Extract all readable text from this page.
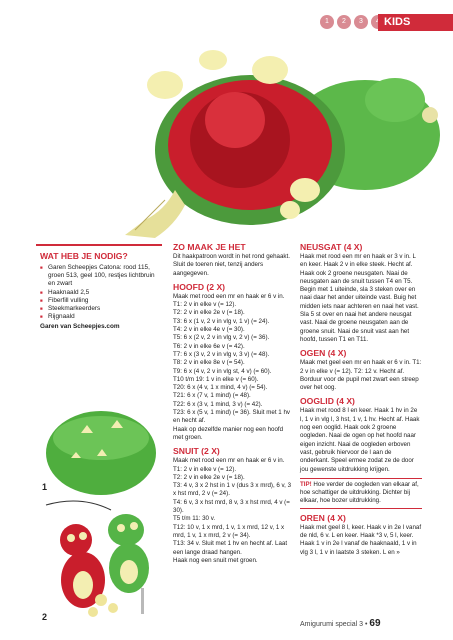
1	2	3	KIDS
1
2
WAT HEB JE NODIG?
■ Garen Scheepjes Catona: rood 115, groen 513, geel 100, restjes lichtbruin en zwart
■ Haaknaald 2,5
■ Fiberfill vulling
■ Steekmarkeerders
■ Rijgnaald
Garen van Scheepjes.com
ZO MAAK JE HET

Dit haakpatroon wordt in het rond gehaakt. Sluit de toeren niet, tenzij anders aangegeven.

HOOFD (2 X)

Maak met rood een mr en haak er 6 v in.

T1: 2 v in elke v (= 12).

T2: 2 v in elke 2e v (= 18).

T3: 6 x (1 v, 2 v in vlg v, 1 v) (= 24).

T4: 2 v in elke 4e v (= 30).

T5: 6 x (2 v, 2 v in vlg v, 2 v) (= 36).

T6: 2 v in elke 6e v (= 42).

T7: 6 x (3 v, 2 v in vlg v, 3 v) (= 48).

T8: 2 v in elke 8e v (= 54).

T9: 6 x (4 v, 2 v in vlg st, 4 v) (= 60).

T10 t/m 19: 1 v in elke v (= 60).

T20: 6 x (4 v, 1 x mind, 4 v) (= 54).

T21: 6 x (7 v, 1 mind) (= 48).

T22: 6 x (3 v, 1 mind, 3 v) (= 42).

T23: 6 x (5 v, 1 mind) (= 36). Sluit met 1 hv en hecht af.

Haak op dezelfde manier nog een hoofd met groen.

SNUIT (2 X)

Maak met rood een mr en haak er 6 v in.

T1: 2 v in elke v (= 12).

T2: 2 v in elke 2e v (= 18).

T3: 4 v, 3 x 2 hst in 1 v (dus 3 x mrd), 6 v, 3 x hst mrd, 2 v (= 24).

T4: 6 v, 3 x hst mrd, 8 v, 3 x hst mrd, 4 v (= 30).

T5 t/m 11: 30 v.

T12: 10 v, 1 x mrd, 1 v, 1 x mrd, 12 v, 1 x mrd, 1 v, 1 x mrd, 2 v (= 34).

T13: 34 v. Sluit met 1 hv en hecht af. Laat een lange draad hangen.

Haak nog een snuit met groen.

NEUSGAT (4 X)

Haak met rood een mr en haak er 3 v in. L en keer. Haak 2 v in elke steek. Hecht af. Haak ook 2 groene neusgaten. Naai de neusgaten aan de snuit tussen T4 en T5. Begin met 1 uiteinde, sla 3 steken over en naai daar het ander uiteinde vast. Buig het midden iets naar achteren en naai het vast. Sla 5 st over en naai het andere neusgat vast. Naai de groene neusgaten aan de groene snuit. Naai de snuit vast aan het hoofd, tussen T1 en T11.

OGEN (4 X)

Maak met geel een mr en haak er 6 v in. T1: 2 v in elke v (= 12). T2: 12 v. Hecht af. Borduur voor de pupil met zwart een streep over het oog.

OOGLID (4 X)

Haak met rood 8 l en keer. Haak 1 hv in 2e l, 1 v in vlg l, 3 hst, 1 v, 1 hv. Hecht af. Haak nog een ooglid. Haak ook 2 groene oogleden. Naai de ogen op het hoofd naar eigen inzicht. Naai de oogleden erboven vast, gebruik hiervoor de l aan de onderkant. Speel ermee zodat ze de door jou gewenste uitdrukking krijgen.

TIP! Hoe verder de oogleden van elkaar af, hoe schattiger de uitdrukking. Dichter bij elkaar, hoe bozer uitdrukking.
OREN (4 X)

Haak met geel 8 l, keer. Haak v in 2e l vanaf de nld, 6 v. L en keer. Haak *3 v, 5 l, keer. Haak 1 v in 2e l vanaf de haaknaald, 1 v in vlg 3 l, 1 v in laatste 3 steken. L en »

Amigurumi special 3 • 69
